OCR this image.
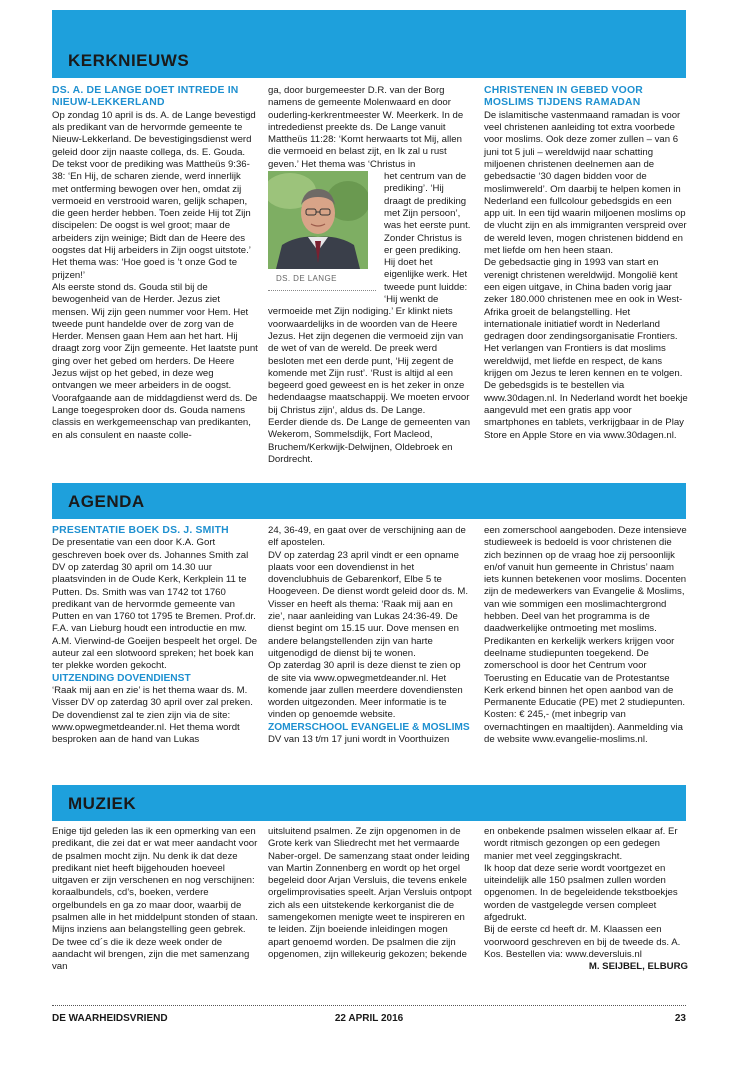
KERKNIEUWS

DS. A. DE LANGE DOET INTREDE IN NIEUW-LEKKERLAND

Op zondag 10 april is ds. A. de Lange bevestigd als predikant van de hervormde gemeente te Nieuw-Lekkerland. De bevestigingsdienst werd geleid door zijn naaste collega, ds. E. Gouda. De tekst voor de prediking was Mattheüs 9:36-38: ‘En Hij, de scharen ziende, werd innerlijk met ontferming bewogen over hen, omdat zij vermoeid en verstrooid waren, gelijk schapen, die geen herder hebben. Toen zeide Hij tot Zijn discipelen: De oogst is wel groot; maar de arbeiders zijn weinige; Bidt dan de Heere des oogstes dat Hij arbeiders in Zijn oogst uitstote.’ Het thema was: ‘Hoe goed is ’t onze God te prijzen!’

Als eerste stond ds. Gouda stil bij de bewogenheid van de Herder. Jezus ziet mensen. Wij zijn geen nummer voor Hem. Het tweede punt handelde over de zorg van de Herder. Mensen gaan Hem aan het hart. Hij draagt zorg voor Zijn gemeente. Het laatste punt ging over het gebed om herders. De Heere Jezus wijst op het gebed, in deze weg ontvangen we meer arbeiders in de oogst. Voorafgaande aan de middagdienst werd ds. De Lange toegesproken door ds. Gouda namens classis en werkgemeenschap van predikanten, en als consulent en naaste colle-

ga, door burgemeester D.R. van der Borg namens de gemeente Molenwaard en door ouderling-kerkrentmeester W. Meerkerk. In de intrededienst preekte ds. De Lange vanuit Mattheüs 11:28: ‘Komt herwaarts tot Mij, allen die vermoeid en belast zijt, en Ik zal u rust geven.’ Het thema was ‘Christus in

DS. DE LANGE

het centrum van de prediking’. ‘Hij draagt de prediking met Zijn persoon’, was het eerste punt. Zonder Christus is er geen prediking. Hij doet het eigenlijke werk. Het tweede punt luidde: ‘Hij wenkt de vermoeide met Zijn nodiging.’ Er klinkt niets voorwaardelijks in de woorden van de Heere Jezus. Het zijn degenen die vermoeid zijn van de wet of van de wereld. De preek werd besloten met een derde punt, ‘Hij zegent de komende met Zijn rust’. ‘Rust is altijd al een begeerd goed geweest en is het zeker in onze hedendaagse maatschappij. We moeten ervoor bij Christus zijn’, aldus ds. De Lange.

Eerder diende ds. De Lange de gemeenten van Wekerom, Sommelsdijk, Fort Macleod, Bruchem/Kerkwijk-Delwijnen, Oldebroek en Dordrecht.

CHRISTENEN IN GEBED VOOR MOSLIMS TIJDENS RAMADAN

De islamitische vastenmaand ramadan is voor veel christenen aanleiding tot extra voorbede voor moslims. Ook deze zomer zullen – van 6 juni tot 5 juli – wereldwijd naar schatting miljoenen christenen deelnemen aan de gebedsactie ‘30 dagen bidden voor de moslimwereld’. Om daarbij te helpen komen in Nederland een fullcolour gebedsgids en een app uit. In een tijd waarin miljoenen moslims op de vlucht zijn en als immigranten verspreid over de wereld leven, mogen christenen biddend en met liefde om hen heen staan.

De gebedsactie ging in 1993 van start en verenigt christenen wereldwijd. Mongolië kent een eigen uitgave, in China baden vorig jaar zeker 180.000 christenen mee en ook in West-Afrika groeit de belangstelling. Het internationale initiatief wordt in Nederland gedragen door zendingsorganisatie Frontiers. Het verlangen van Frontiers is dat moslims wereldwijd, met liefde en respect, de kans krijgen om Jezus te leren kennen en te volgen.

De gebedsgids is te bestellen via www.30dagen.nl. In Nederland wordt het boekje aangevuld met een gratis app voor smartphones en tablets, verkrijgbaar in de Play Store en Apple Store en via www.30dagen.nl.

AGENDA

PRESENTATIE BOEK DS. J. SMITH

De presentatie van een door K.A. Gort geschreven boek over ds. Johannes Smith zal DV op zaterdag 30 april om 14.30 uur plaatsvinden in de Oude Kerk, Kerkplein 11 te Putten. Ds. Smith was van 1742 tot 1760 predikant van de hervormde gemeente van Putten en van 1760 tot 1795 te Bremen. Prof.dr. F.A. van Lieburg houdt een introductie en mw. A.M. Vierwind-de Goeijen bespeelt het orgel. De auteur zal een slotwoord spreken; het boek kan ter plekke worden gekocht.

UITZENDING DOVENDIENST

‘Raak mij aan en zie’ is het thema waar ds. M. Visser DV op zaterdag 30 april over zal preken. De dovendienst zal te zien zijn via de site: www.opwegmetdeander.nl. Het thema wordt besproken aan de hand van Lukas

24, 36-49, en gaat over de verschijning aan de elf apostelen.

DV op zaterdag 23 april vindt er een opname plaats voor een dovendienst in het dovenclubhuis de Gebarenkorf, Elbe 5 te Hoogeveen. De dienst wordt geleid door ds. M. Visser en heeft als thema: ‘Raak mij aan en zie’, naar aanleiding van Lukas 24:36-49. De dienst begint om 15.15 uur. Dove mensen en andere belangstellenden zijn van harte uitgenodigd de dienst bij te wonen.

Op zaterdag 30 april is deze dienst te zien op de site via www.opwegmetdeander.nl. Het komende jaar zullen meerdere dovendiensten worden uitgezonden. Meer informatie is te vinden op genoemde website.

ZOMERSCHOOL EVANGELIE & MOSLIMS

DV van 13 t/m 17 juni wordt in Voorthuizen

een zomerschool aangeboden. Deze intensieve studieweek is bedoeld is voor christenen die zich bezinnen op de vraag hoe zij persoonlijk en/of vanuit hun gemeente in Christus’ naam iets kunnen betekenen voor moslims. Docenten zijn de medewerkers van Evangelie & Moslims, van wie sommigen een moslimachtergrond hebben. Deel van het programma is de daadwerkelijke ontmoeting met moslims. Predikanten en kerkelijk werkers krijgen voor deelname studiepunten toegekend. De zomerschool is door het Centrum voor Toerusting en Educatie van de Protestantse Kerk erkend binnen het open aanbod van de Permanente Educatie (PE) met 2 studiepunten. Kosten: € 245,- (met inbegrip van overnachtingen en maaltijden). Aanmelding via de website www.evangelie-moslims.nl.

MUZIEK

Enige tijd geleden las ik een opmerking van een predikant, die zei dat er wat meer aandacht voor de psalmen mocht zijn. Nu denk ik dat deze predikant niet heeft bijgehouden hoeveel uitgaven er zijn verschenen en nog verschijnen: koraalbundels, cd’s, boeken, verdere orgelbundels en ga zo maar door, waarbij de psalmen alle in het middelpunt stonden of staan. Mijns inziens aan belangstelling geen gebrek.

De twee cd´s die ik deze week onder de aandacht wil brengen, zijn die met samenzang van

uitsluitend psalmen. Ze zijn opgenomen in de Grote kerk van Sliedrecht met het vermaarde Naber-orgel. De samenzang staat onder leiding van Martin Zonnenberg en wordt op het orgel begeleid door Arjan Versluis, die tevens enkele orgelimprovisaties speelt. Arjan Versluis ontpopt zich als een uitstekende kerkorganist die de samengekomen menigte weet te inspireren en te leiden. Zijn boeiende inleidingen mogen apart genoemd worden. De psalmen die zijn opgenomen, zijn willekeurig gekozen; bekende

en onbekende psalmen wisselen elkaar af. Er wordt ritmisch gezongen op een gedegen manier met veel zeggingskracht.

Ik hoop dat deze serie wordt voortgezet en uiteindelijk alle 150 psalmen zullen worden opgenomen. In de begeleidende tekstboekjes worden de vastgelegde versen compleet afgedrukt.

Bij de eerste cd heeft dr. M. Klaassen een voorwoord geschreven en bij de tweede ds. A. Kos. Bestellen via: www.deversluis.nl

M. SEIJBEL, ELBURG

DE WAARHEIDSVRIEND	22 APRIL 2016	23
